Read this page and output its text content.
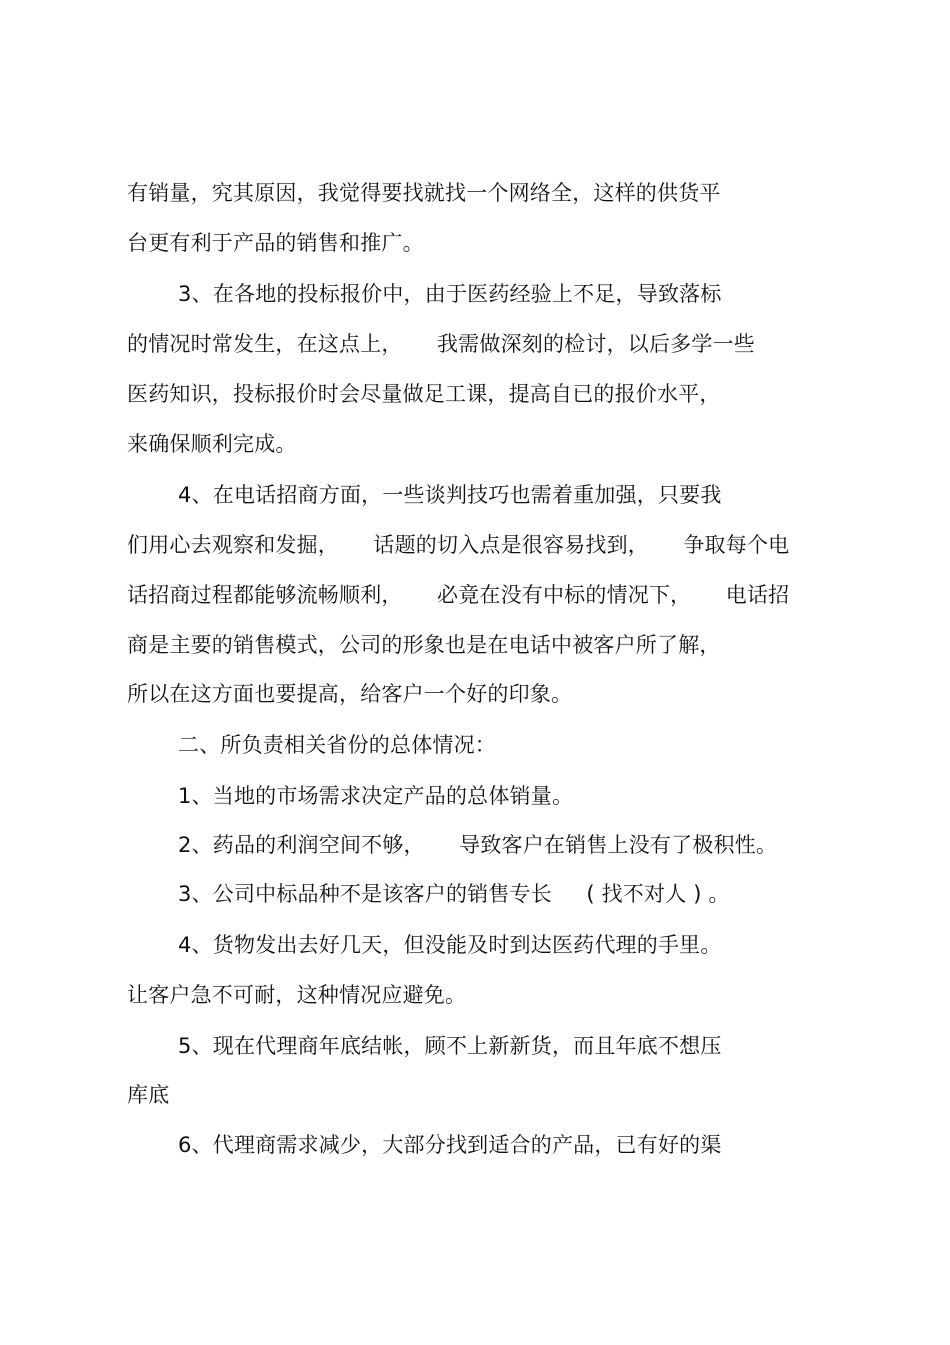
有销量，究其原因，我觉得要找就找一个网络全，这样的供货平
台更有利于产品的销售和推广。
3、在各地的投标报价中，由于医药经验上不足，导致落标
的情况时常发生，在这点上，     我需做深刻的检讨，以后多学一些
医药知识，投标报价时会尽量做足工课，提高自已的报价水平，
来确保顺利完成。
4、在电话招商方面，一些谈判技巧也需着重加强，只要我
们用心去观察和发掘，     话题的切入点是很容易找到，     争取每个电
话招商过程都能够流畅顺利，     必竟在没有中标的情况下，     电话招
商是主要的销售模式，公司的形象也是在电话中被客户所了解，
所以在这方面也要提高，给客户一个好的印象。
二、所负责相关省份的总体情况：
1、当地的市场需求决定产品的总体销量。
2、药品的利润空间不够，     导致客户在销售上没有了极积性。
3、公司中标品种不是该客户的销售专长     ( 找不对人 ) 。
4、货物发出去好几天，但没能及时到达医药代理的手里。
让客户急不可耐，这种情况应避免。
5、现在代理商年底结帐，顾不上新新货，而且年底不想压
库底
6、代理商需求减少，大部分找到适合的产品，已有好的渠
